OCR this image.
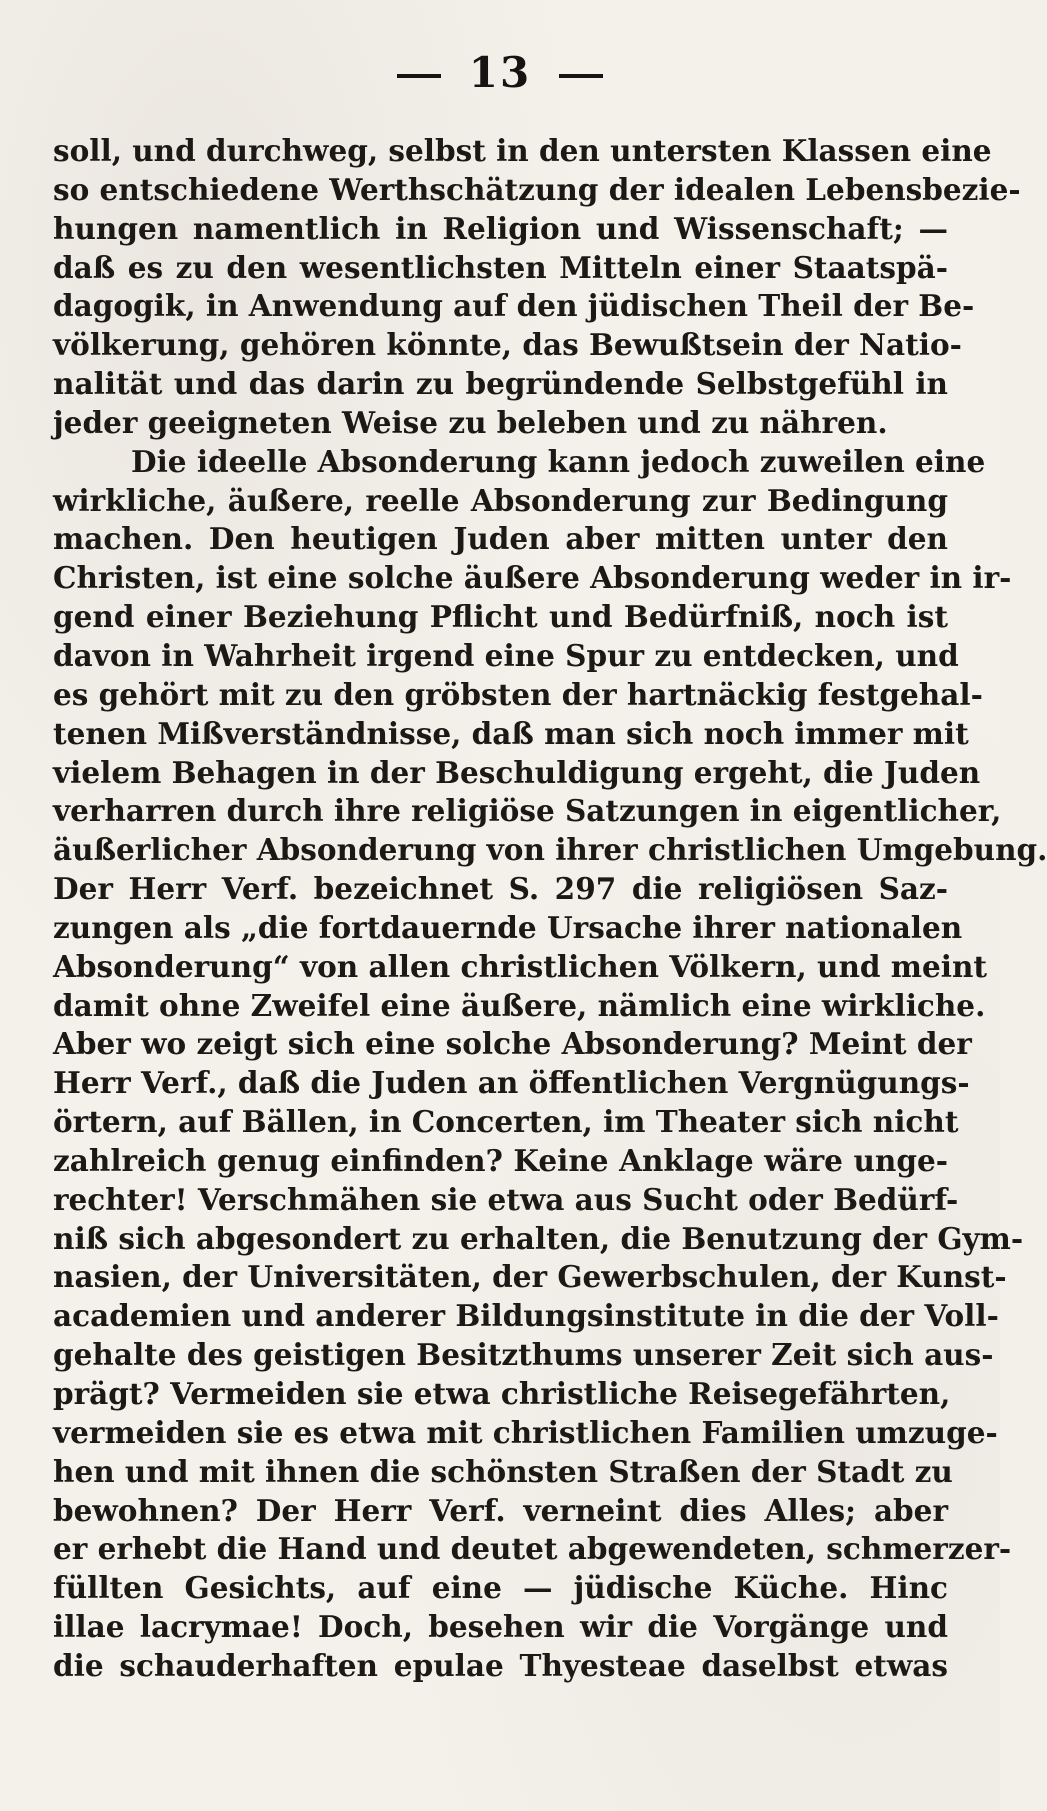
13
soll, und durchweg, selbst in den untersten Klassen eine
so entschiedene Werthschätzung der idealen Lebensbezie-
hungen namentlich in Religion und Wissenschaft; —
daß es zu den wesentlichsten Mitteln einer Staatspä-
dagogik, in Anwendung auf den jüdischen Theil der Be-
völkerung, gehören könnte, das Bewußtsein der Natio-
nalität und das darin zu begründende Selbstgefühl in
jeder geeigneten Weise zu beleben und zu nähren.
Die ideelle Absonderung kann jedoch zuweilen eine
wirkliche, äußere, reelle Absonderung zur Bedingung
machen. Den heutigen Juden aber mitten unter den
Christen, ist eine solche äußere Absonderung weder in ir-
gend einer Beziehung Pflicht und Bedürfniß, noch ist
davon in Wahrheit irgend eine Spur zu entdecken, und
es gehört mit zu den gröbsten der hartnäckig festgehal-
tenen Mißverständnisse, daß man sich noch immer mit
vielem Behagen in der Beschuldigung ergeht, die Juden
verharren durch ihre religiöse Satzungen in eigentlicher,
äußerlicher Absonderung von ihrer christlichen Umgebung.
Der Herr Verf. bezeichnet S. 297 die religiösen Saz-
zungen als „die fortdauernde Ursache ihrer nationalen
Absonderung“ von allen christlichen Völkern, und meint
damit ohne Zweifel eine äußere, nämlich eine wirkliche.
Aber wo zeigt sich eine solche Absonderung? Meint der
Herr Verf., daß die Juden an öffentlichen Vergnügungs-
örtern, auf Bällen, in Concerten, im Theater sich nicht
zahlreich genug einfinden? Keine Anklage wäre unge-
rechter! Verschmähen sie etwa aus Sucht oder Bedürf-
niß sich abgesondert zu erhalten, die Benutzung der Gym-
nasien, der Universitäten, der Gewerbschulen, der Kunst-
academien und anderer Bildungsinstitute in die der Voll-
gehalte des geistigen Besitzthums unserer Zeit sich aus-
prägt? Vermeiden sie etwa christliche Reisegefährten,
vermeiden sie es etwa mit christlichen Familien umzuge-
hen und mit ihnen die schönsten Straßen der Stadt zu
bewohnen? Der Herr Verf. verneint dies Alles; aber
er erhebt die Hand und deutet abgewendeten, schmerzer-
füllten Gesichts, auf eine — jüdische Küche. Hinc
illae lacrymae! Doch, besehen wir die Vorgänge und
die schauderhaften epulae Thyesteae daselbst etwas
